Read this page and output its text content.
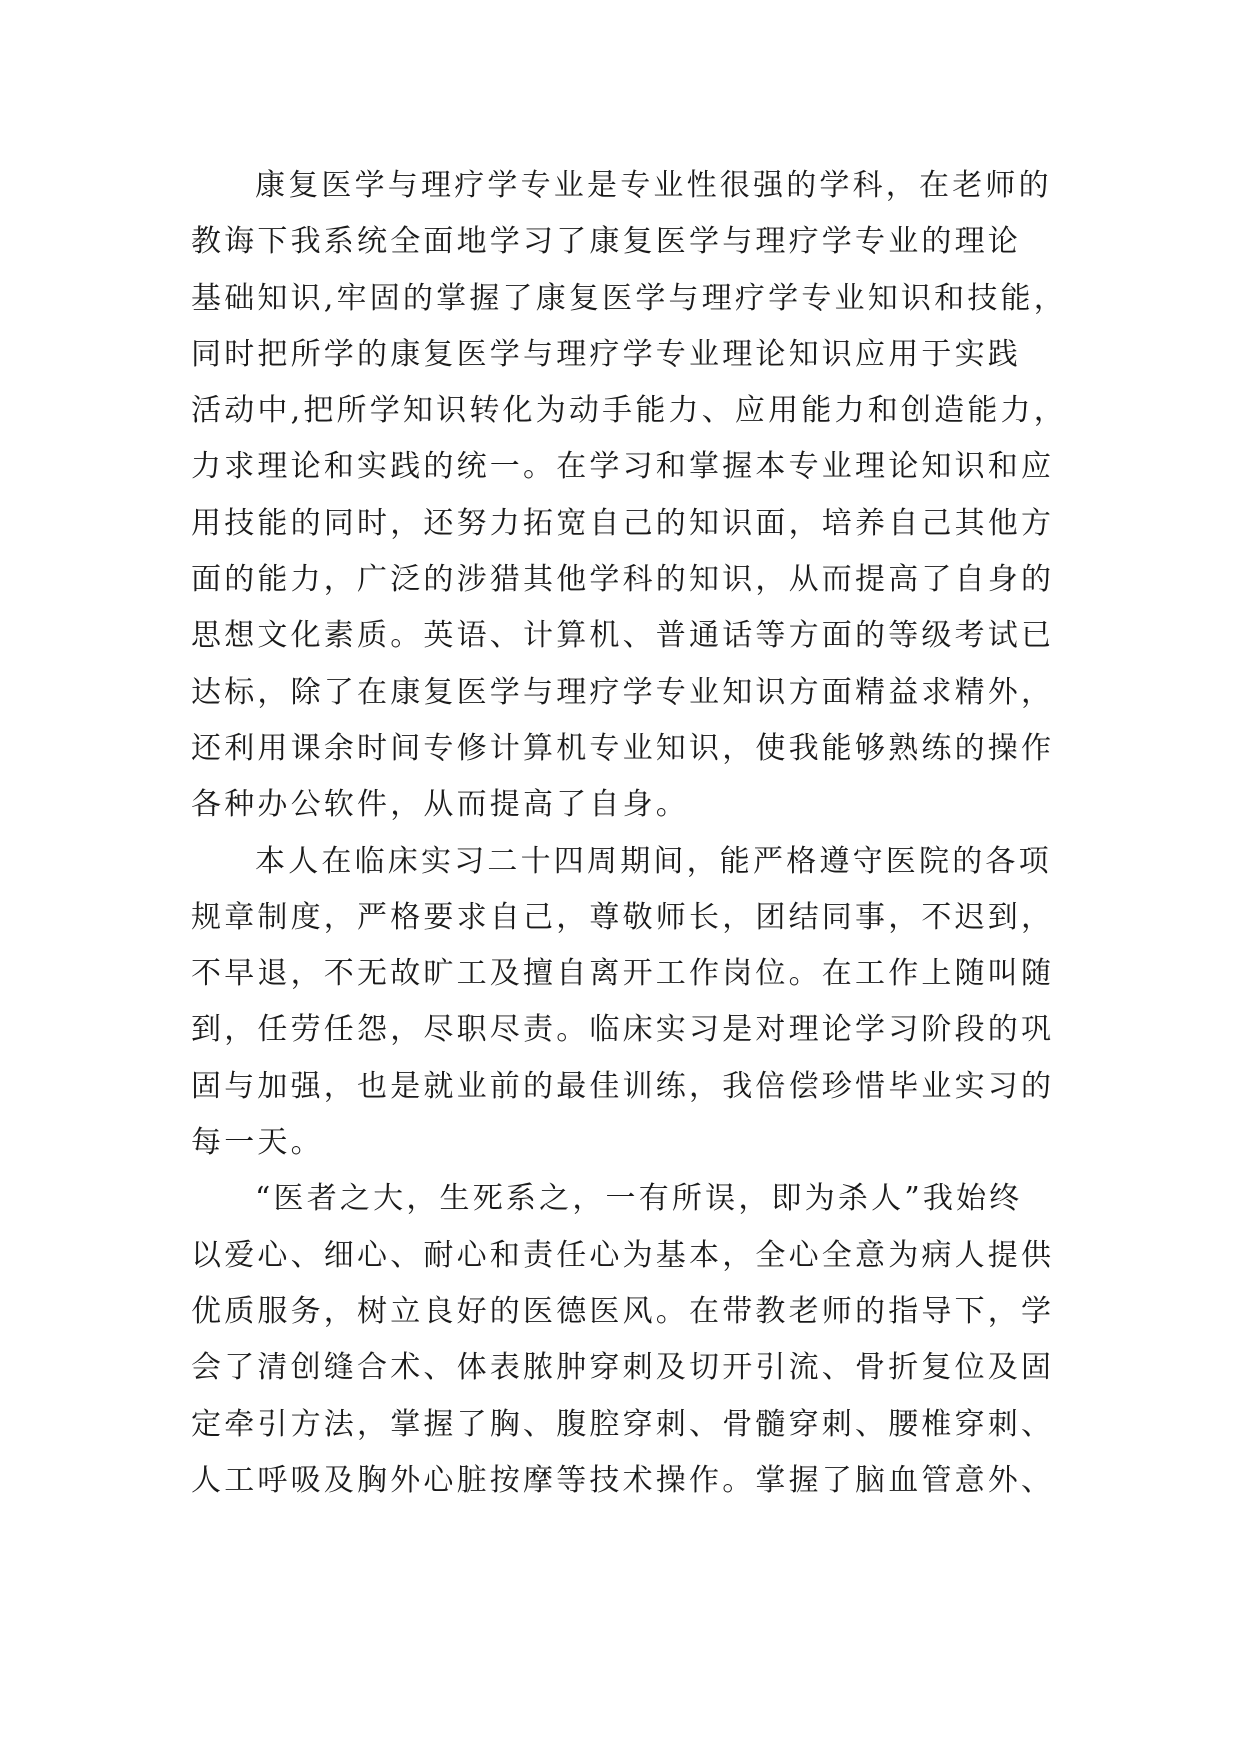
康复医学与理疗学专业是专业性很强的学科，在老师的
教诲下我系统全面地学习了康复医学与理疗学专业的理论
基础知识,牢固的掌握了康复医学与理疗学专业知识和技能，
同时把所学的康复医学与理疗学专业理论知识应用于实践
活动中,把所学知识转化为动手能力、应用能力和创造能力，
力求理论和实践的统一。在学习和掌握本专业理论知识和应
用技能的同时，还努力拓宽自己的知识面，培养自己其他方
面的能力，广泛的涉猎其他学科的知识，从而提高了自身的
思想文化素质。英语、计算机、普通话等方面的等级考试已
达标，除了在康复医学与理疗学专业知识方面精益求精外，
还利用课余时间专修计算机专业知识，使我能够熟练的操作
各种办公软件，从而提高了自身。
本人在临床实习二十四周期间，能严格遵守医院的各项
规章制度，严格要求自己，尊敬师长，团结同事，不迟到，
不早退，不无故旷工及擅自离开工作岗位。在工作上随叫随
到，任劳任怨，尽职尽责。临床实习是对理论学习阶段的巩
固与加强，也是就业前的最佳训练，我倍偿珍惜毕业实习的
每一天。
“医者之大，生死系之，一有所误，即为杀人”我始终
以爱心、细心、耐心和责任心为基本，全心全意为病人提供
优质服务，树立良好的医德医风。在带教老师的指导下，学
会了清创缝合术、体表脓肿穿刺及切开引流、骨折复位及固
定牵引方法，掌握了胸、腹腔穿刺、骨髓穿刺、腰椎穿刺、
人工呼吸及胸外心脏按摩等技术操作。掌握了脑血管意外、
